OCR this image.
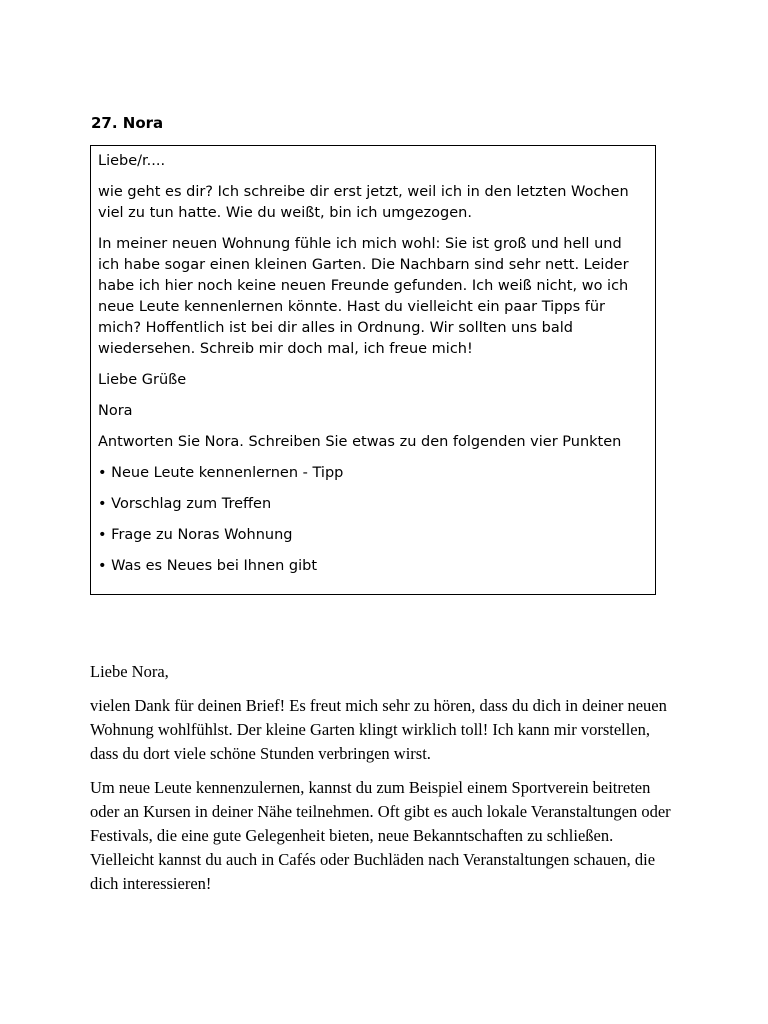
27. Nora

Liebe/r....

wie geht es dir? Ich schreibe dir erst jetzt, weil ich in den letzten Wochen viel zu tun hatte. Wie du weißt, bin ich umgezogen.

In meiner neuen Wohnung fühle ich mich wohl: Sie ist groß und hell und ich habe sogar einen kleinen Garten. Die Nachbarn sind sehr nett. Leider habe ich hier noch keine neuen Freunde gefunden. Ich weiß nicht, wo ich neue Leute kennenlernen könnte. Hast du vielleicht ein paar Tipps für mich? Hoffentlich ist bei dir alles in Ordnung. Wir sollten uns bald wiedersehen. Schreib mir doch mal, ich freue mich!

Liebe Grüße

Nora

Antworten Sie Nora. Schreiben Sie etwas zu den folgenden vier Punkten

• Neue Leute kennenlernen - Tipp

• Vorschlag zum Treffen

• Frage zu Noras Wohnung

• Was es Neues bei Ihnen gibt

Liebe Nora,

vielen Dank für deinen Brief! Es freut mich sehr zu hören, dass du dich in deiner neuen Wohnung wohlfühlst. Der kleine Garten klingt wirklich toll! Ich kann mir vorstellen, dass du dort viele schöne Stunden verbringen wirst.

Um neue Leute kennenzulernen, kannst du zum Beispiel einem Sportverein beitreten oder an Kursen in deiner Nähe teilnehmen. Oft gibt es auch lokale Veranstaltungen oder Festivals, die eine gute Gelegenheit bieten, neue Bekanntschaften zu schließen. Vielleicht kannst du auch in Cafés oder Buchläden nach Veranstaltungen schauen, die dich interessieren!
